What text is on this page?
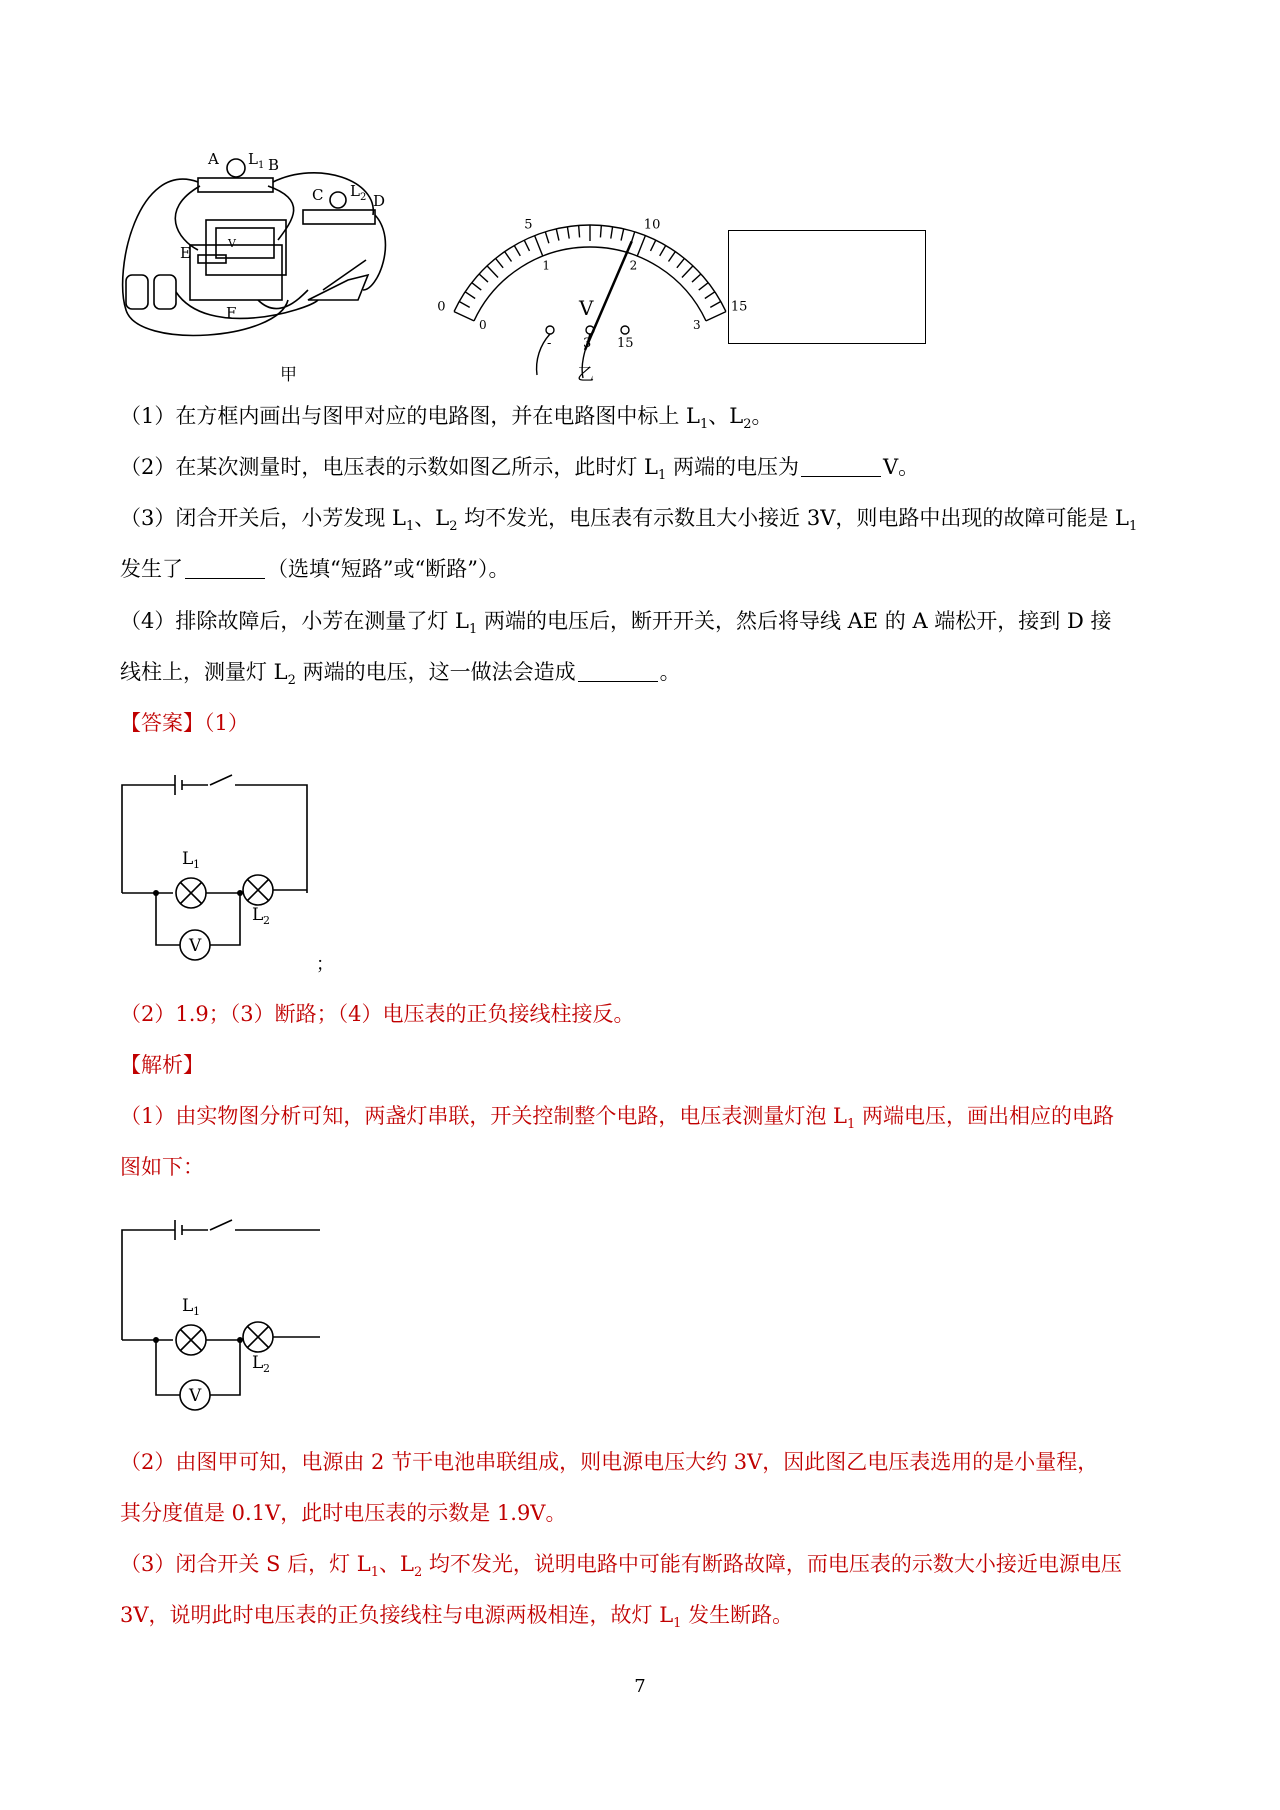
A L 1 B
C L 2 D
V
E
F
甲
- 3 15
V
乙
0
5	10
15
0
1	2
3
（1）在方框内画出与图甲对应的电路图，并在电路图中标上 $L_1$、$L_2$。
（2）在某次测量时，电压表的示数如图乙所示，此时灯 $L_1$ 两端的电压为	V。
（3）闭合开关后，小芳发现 $L_1$、$L_2$ 均不发光，电压表有示数且大小接近 3V，则电路中出现的故障可能是 $L_1$
发生了	（选填“短路”或“断路”）。
（4）排除故障后，小芳在测量了灯 $L_1$ 两端的电压后，断开开关，然后将导线 AE 的 A 端松开，接到 D 接
线柱上，测量灯 $L_2$ 两端的电压，这一做法会造成	。
【答案】（1）
L 1
L 2
V
；
（2）1.9；（3）断路；（4）电压表的正负接线柱接反。
【解析】
（1）由实物图分析可知，两盏灯串联，开关控制整个电路，电压表测量灯泡 $L_1$ 两端电压，画出相应的电路
图如下：
L 1
L 2
V
（2）由图甲可知，电源由 2 节干电池串联组成，则电源电压大约 3V，因此图乙电压表选用的是小量程，
其分度值是 0.1V，此时电压表的示数是 1.9V。
（3）闭合开关 S 后，灯 $L_1$、$L_2$ 均不发光，说明电路中可能有断路故障，而电压表的示数大小接近电源电压
3V，说明此时电压表的正负接线柱与电源两极相连，故灯 $L_1$ 发生断路。
7
